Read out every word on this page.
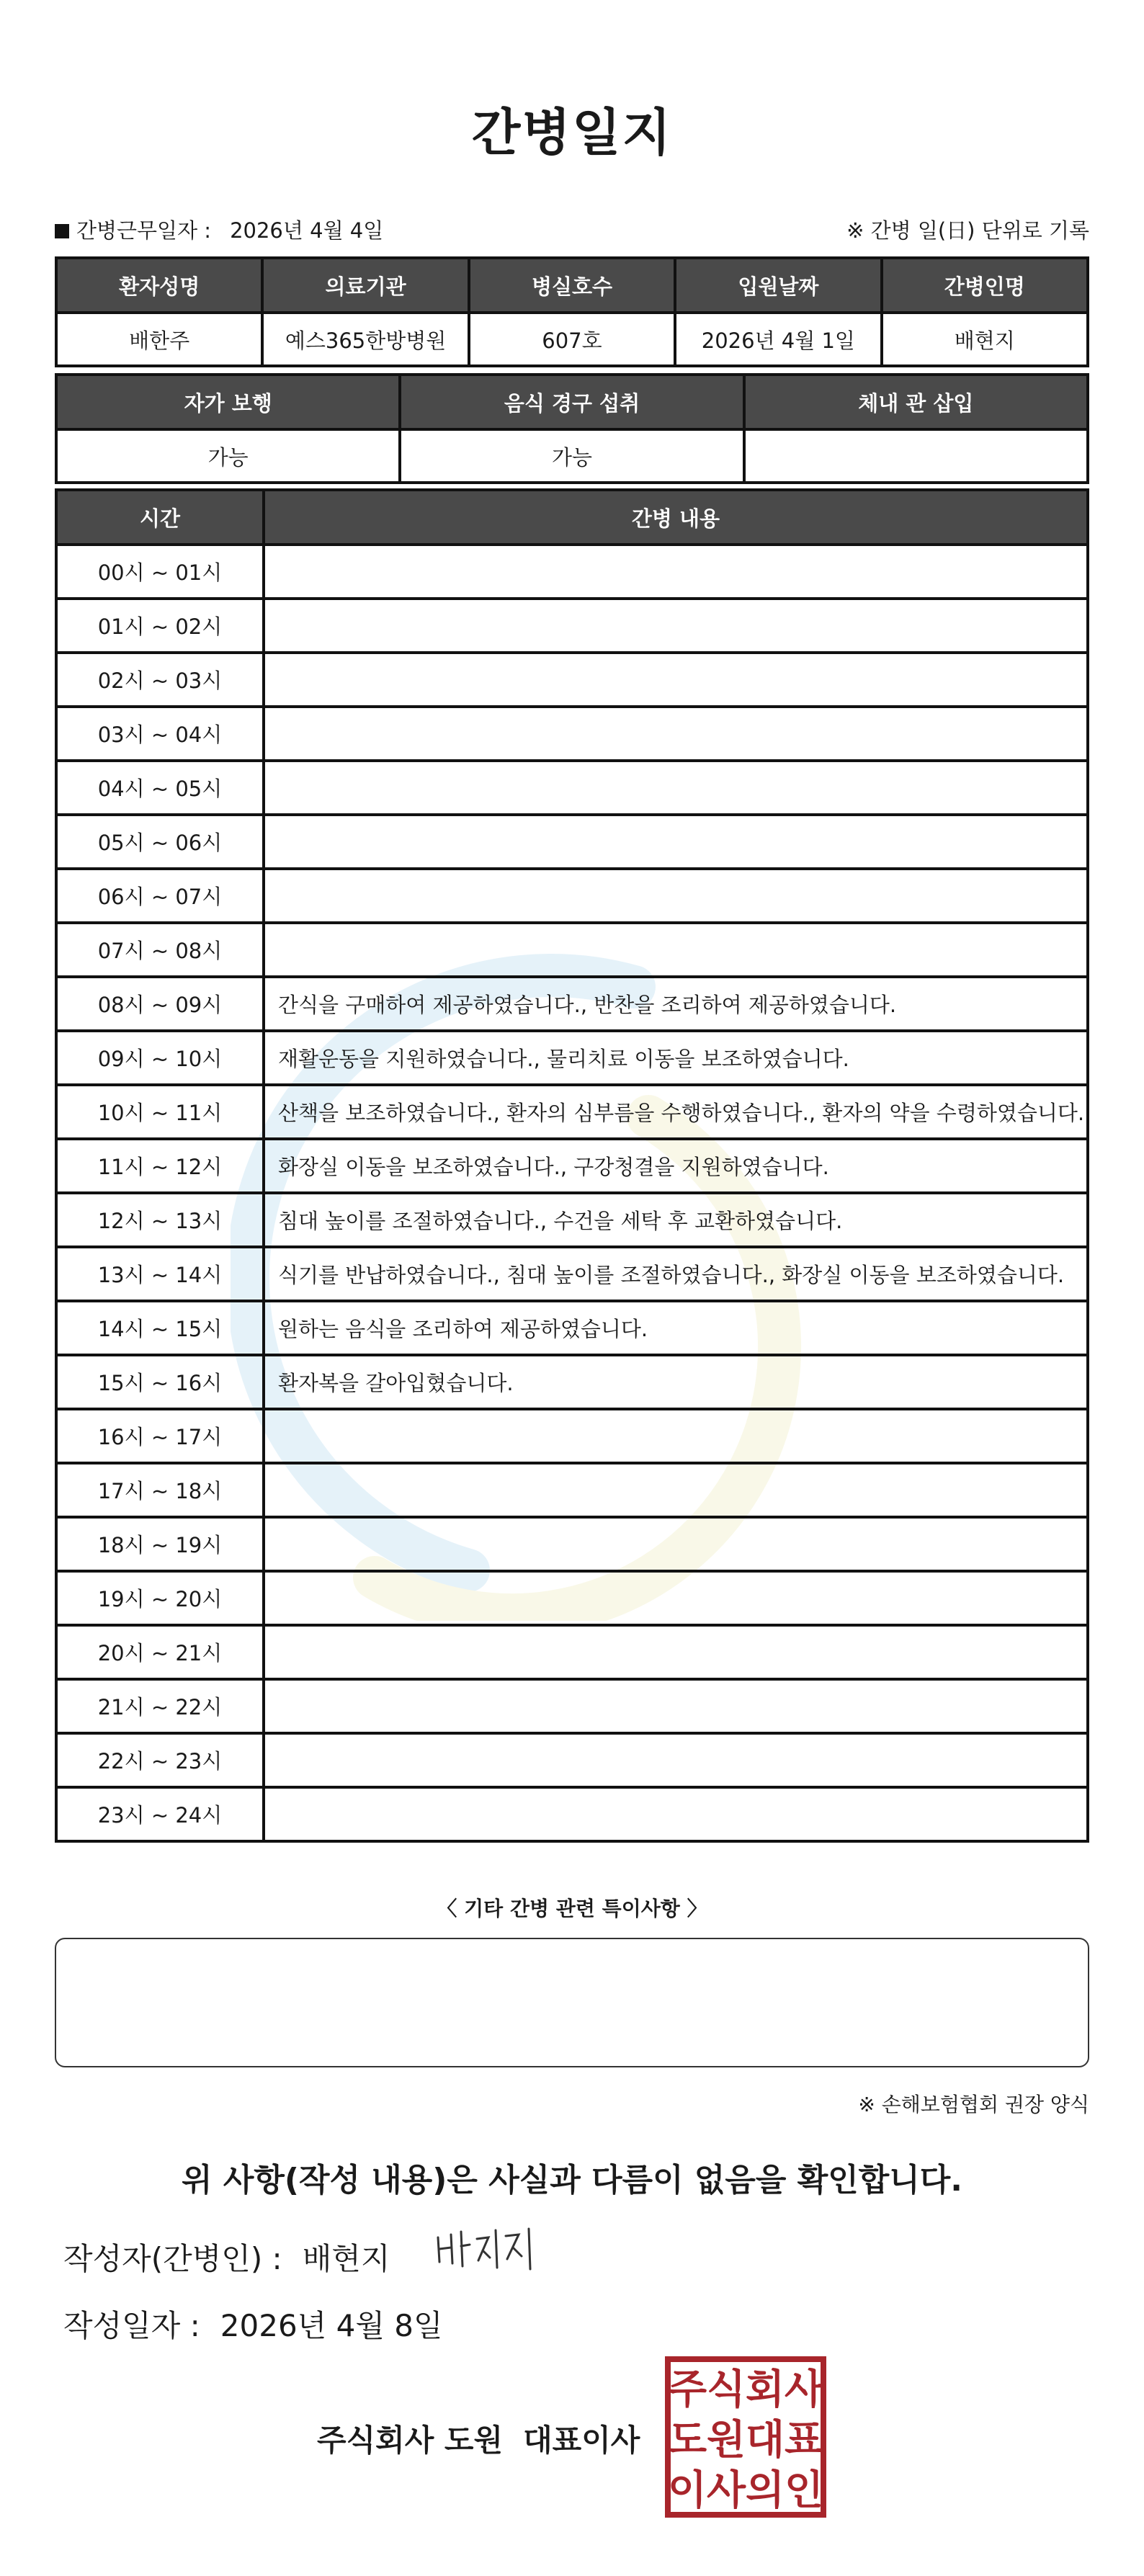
간병일지
간병근무일자 : 2026년 4월 4일	※ 간병 일(日) 단위로 기록
환자성명	의료기관	병실호수	입원날짜	간병인명
배한주	예스365한방병원	607호	2026년 4월 1일	배현지
자가 보행	음식 경구 섭취	체내 관 삽입
가능	가능	
시간	간병 내용
00시 ~ 01시	
01시 ~ 02시	
02시 ~ 03시	
03시 ~ 04시	
04시 ~ 05시	
05시 ~ 06시	
06시 ~ 07시	
07시 ~ 08시	
08시 ~ 09시	간식을 구매하여 제공하였습니다., 반찬을 조리하여 제공하였습니다.
09시 ~ 10시	재활운동을 지원하였습니다., 물리치료 이동을 보조하였습니다.
10시 ~ 11시	산책을 보조하였습니다., 환자의 심부름을 수행하였습니다., 환자의 약을 수령하였습니다.
11시 ~ 12시	화장실 이동을 보조하였습니다., 구강청결을 지원하였습니다.
12시 ~ 13시	침대 높이를 조절하였습니다., 수건을 세탁 후 교환하였습니다.
13시 ~ 14시	식기를 반납하였습니다., 침대 높이를 조절하였습니다., 화장실 이동을 보조하였습니다.
14시 ~ 15시	원하는 음식을 조리하여 제공하였습니다.
15시 ~ 16시	환자복을 갈아입혔습니다.
16시 ~ 17시	
17시 ~ 18시	
18시 ~ 19시	
19시 ~ 20시	
20시 ~ 21시	
21시 ~ 22시	
22시 ~ 23시	
23시 ~ 24시	
〈 기타 간병 관련 특이사항 〉
※ 손해보험협회 권장 양식
위 사항(작성 내용)은 사실과 다름이 없음을 확인합니다.
작성자(간병인) : 배현지
작성일자 : 2026년 4월 8일
주식회사 도원 대표이사
주 식 회 사
도 원 대 표
이 사 의 인
